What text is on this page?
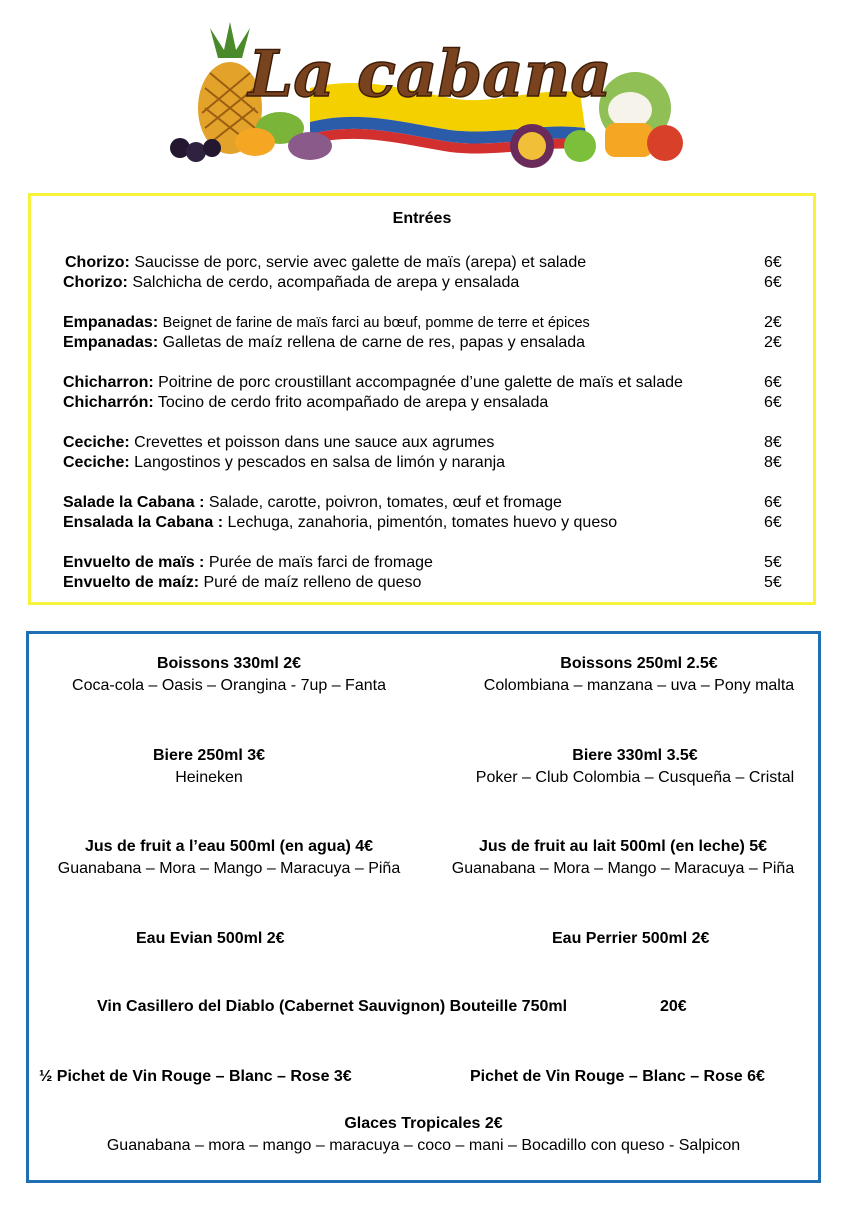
La cabana
Entrées
Chorizo: Saucisse de porc, servie avec galette de maïs (arepa) et salade	6€
Chorizo: Salchicha de cerdo, acompañada de arepa y ensalada	6€
Empanadas: Beignet de farine de maïs farci au bœuf, pomme de terre et épices	2€
Empanadas: Galletas de maíz rellena de carne de res, papas y ensalada	2€
Chicharron: Poitrine de porc croustillant accompagnée d’une galette de maïs et salade	6€
Chicharrón: Tocino de cerdo frito acompañado de arepa y ensalada	6€
Ceciche: Crevettes et poisson dans une sauce aux agrumes	8€
Ceciche: Langostinos y pescados en salsa de limón y naranja	8€
Salade la Cabana : Salade, carotte, poivron, tomates, œuf et fromage	6€
Ensalada la Cabana : Lechuga, zanahoria, pimentón, tomates huevo y queso	6€
Envuelto de maïs : Purée de maïs farci de fromage	5€
Envuelto de maíz: Puré de maíz relleno de queso	5€
Boissons 330ml 2€
Coca-cola – Oasis – Orangina - 7up – Fanta
Boissons 250ml 2.5€
Colombiana – manzana – uva – Pony malta
Biere 250ml 3€
Heineken
Biere 330ml 3.5€
Poker – Club Colombia – Cusqueña – Cristal
Jus de fruit a l’eau 500ml (en agua) 4€
Guanabana – Mora – Mango – Maracuya – Piña
Jus de fruit au lait 500ml (en leche) 5€
Guanabana – Mora – Mango – Maracuya – Piña
Eau Evian 500ml 2€	Eau Perrier 500ml 2€
Vin Casillero del Diablo (Cabernet Sauvignon) Bouteille 750ml	20€
½ Pichet de Vin Rouge – Blanc – Rose 3€	Pichet de Vin Rouge – Blanc – Rose 6€
Glaces Tropicales 2€
Guanabana – mora – mango – maracuya – coco – mani – Bocadillo con queso - Salpicon
